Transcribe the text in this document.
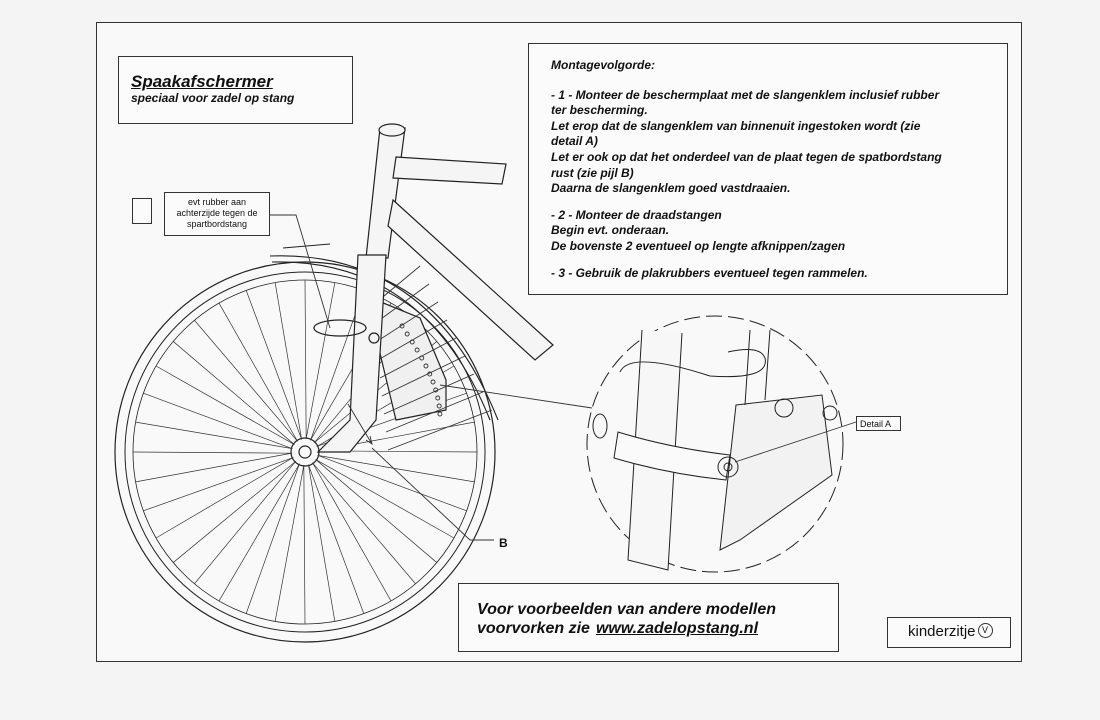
Spaakafschermer
speciaal voor zadel op stang
Montagevolgorde:

- 1 - Monteer de beschermplaat met de slangenklem inclusief rubber
ter bescherming.
Let erop dat de slangenklem van binnenuit ingestoken wordt (zie
detail A)
Let er ook op dat het onderdeel van de plaat tegen de spatbordstang
rust (zie pijl B)
Daarna de slangenklem goed vastdraaien.

- 2 - Monteer de draadstangen
Begin evt. onderaan.
De bovenste 2 eventueel op lengte afknippen/zagen

- 3 - Gebruik de plakrubbers eventueel tegen rammelen.

evt rubber aan
achterzijde tegen de
spartbordstang
Detail A
B
Voor voorbeelden van andere modellen
voorvorken zie www.zadelopstang.nl	kinderzitje V
